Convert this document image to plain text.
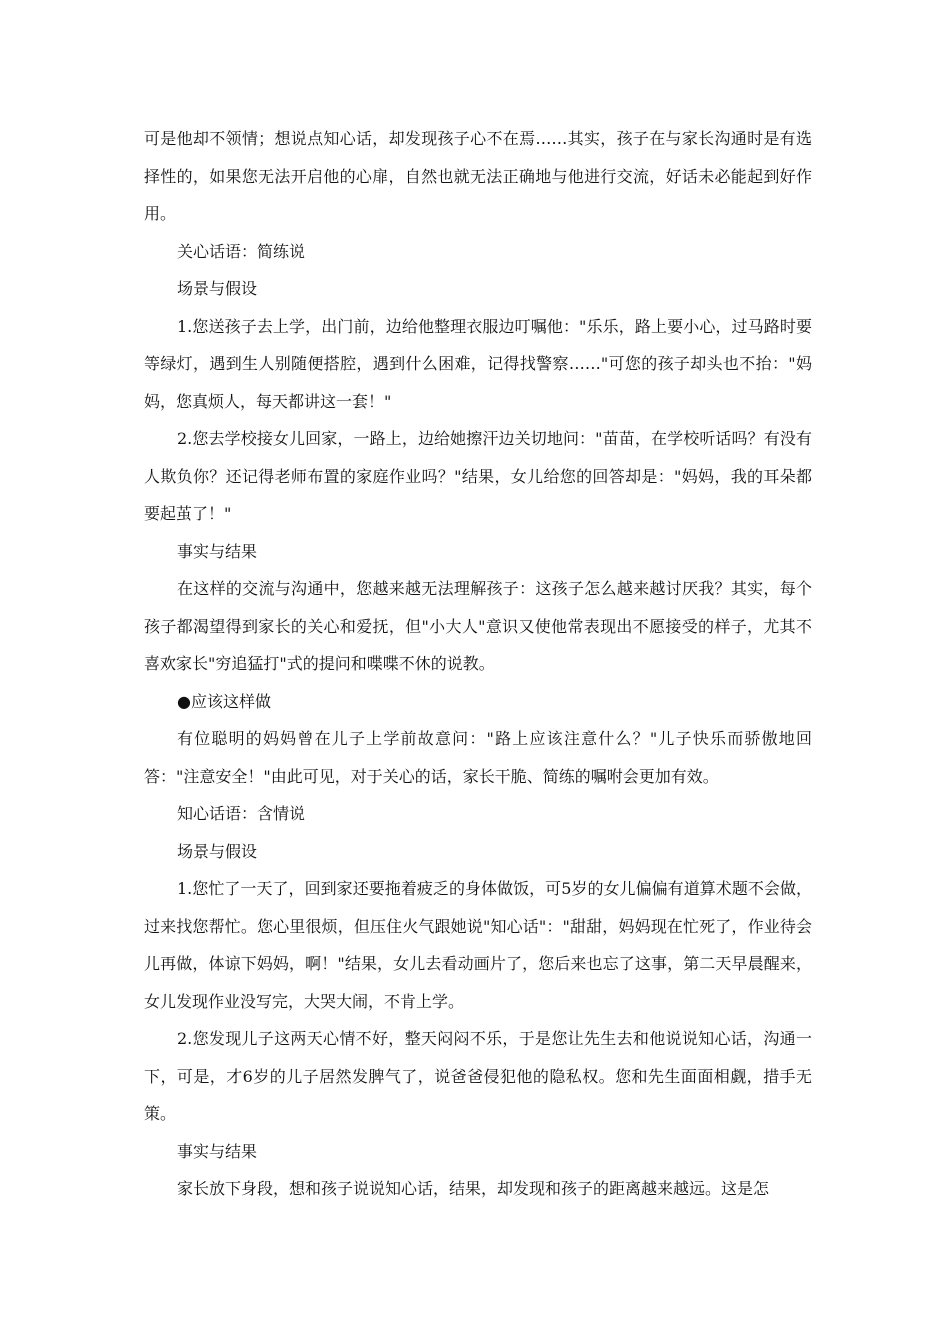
可是他却不领情；想说点知心话，却发现孩子心不在焉……其实，孩子在与家长沟通时是有选择性的，如果您无法开启他的心扉，自然也就无法正确地与他进行交流，好话未必能起到好作用。

关心话语：简练说

场景与假设

1.您送孩子去上学，出门前，边给他整理衣服边叮嘱他："乐乐，路上要小心，过马路时要等绿灯，遇到生人别随便搭腔，遇到什么困难，记得找警察……"可您的孩子却头也不抬："妈妈，您真烦人，每天都讲这一套！"

2.您去学校接女儿回家，一路上，边给她擦汗边关切地问："苗苗，在学校听话吗？有没有人欺负你？还记得老师布置的家庭作业吗？"结果，女儿给您的回答却是："妈妈，我的耳朵都要起茧了！"

事实与结果

在这样的交流与沟通中，您越来越无法理解孩子：这孩子怎么越来越讨厌我？其实，每个孩子都渴望得到家长的关心和爱抚，但"小大人"意识又使他常表现出不愿接受的样子，尤其不喜欢家长"穷追猛打"式的提问和喋喋不休的说教。

●应该这样做

有位聪明的妈妈曾在儿子上学前故意问："路上应该注意什么？"儿子快乐而骄傲地回答："注意安全！"由此可见，对于关心的话，家长干脆、简练的嘱咐会更加有效。

知心话语：含情说

场景与假设

1.您忙了一天了，回到家还要拖着疲乏的身体做饭，可5岁的女儿偏偏有道算术题不会做，过来找您帮忙。您心里很烦，但压住火气跟她说"知心话"："甜甜，妈妈现在忙死了，作业待会儿再做，体谅下妈妈，啊！"结果，女儿去看动画片了，您后来也忘了这事，第二天早晨醒来，女儿发现作业没写完，大哭大闹，不肯上学。

2.您发现儿子这两天心情不好，整天闷闷不乐，于是您让先生去和他说说知心话，沟通一下，可是，才6岁的儿子居然发脾气了，说爸爸侵犯他的隐私权。您和先生面面相觑，措手无策。

事实与结果

家长放下身段，想和孩子说说知心话，结果，却发现和孩子的距离越来越远。这是怎
